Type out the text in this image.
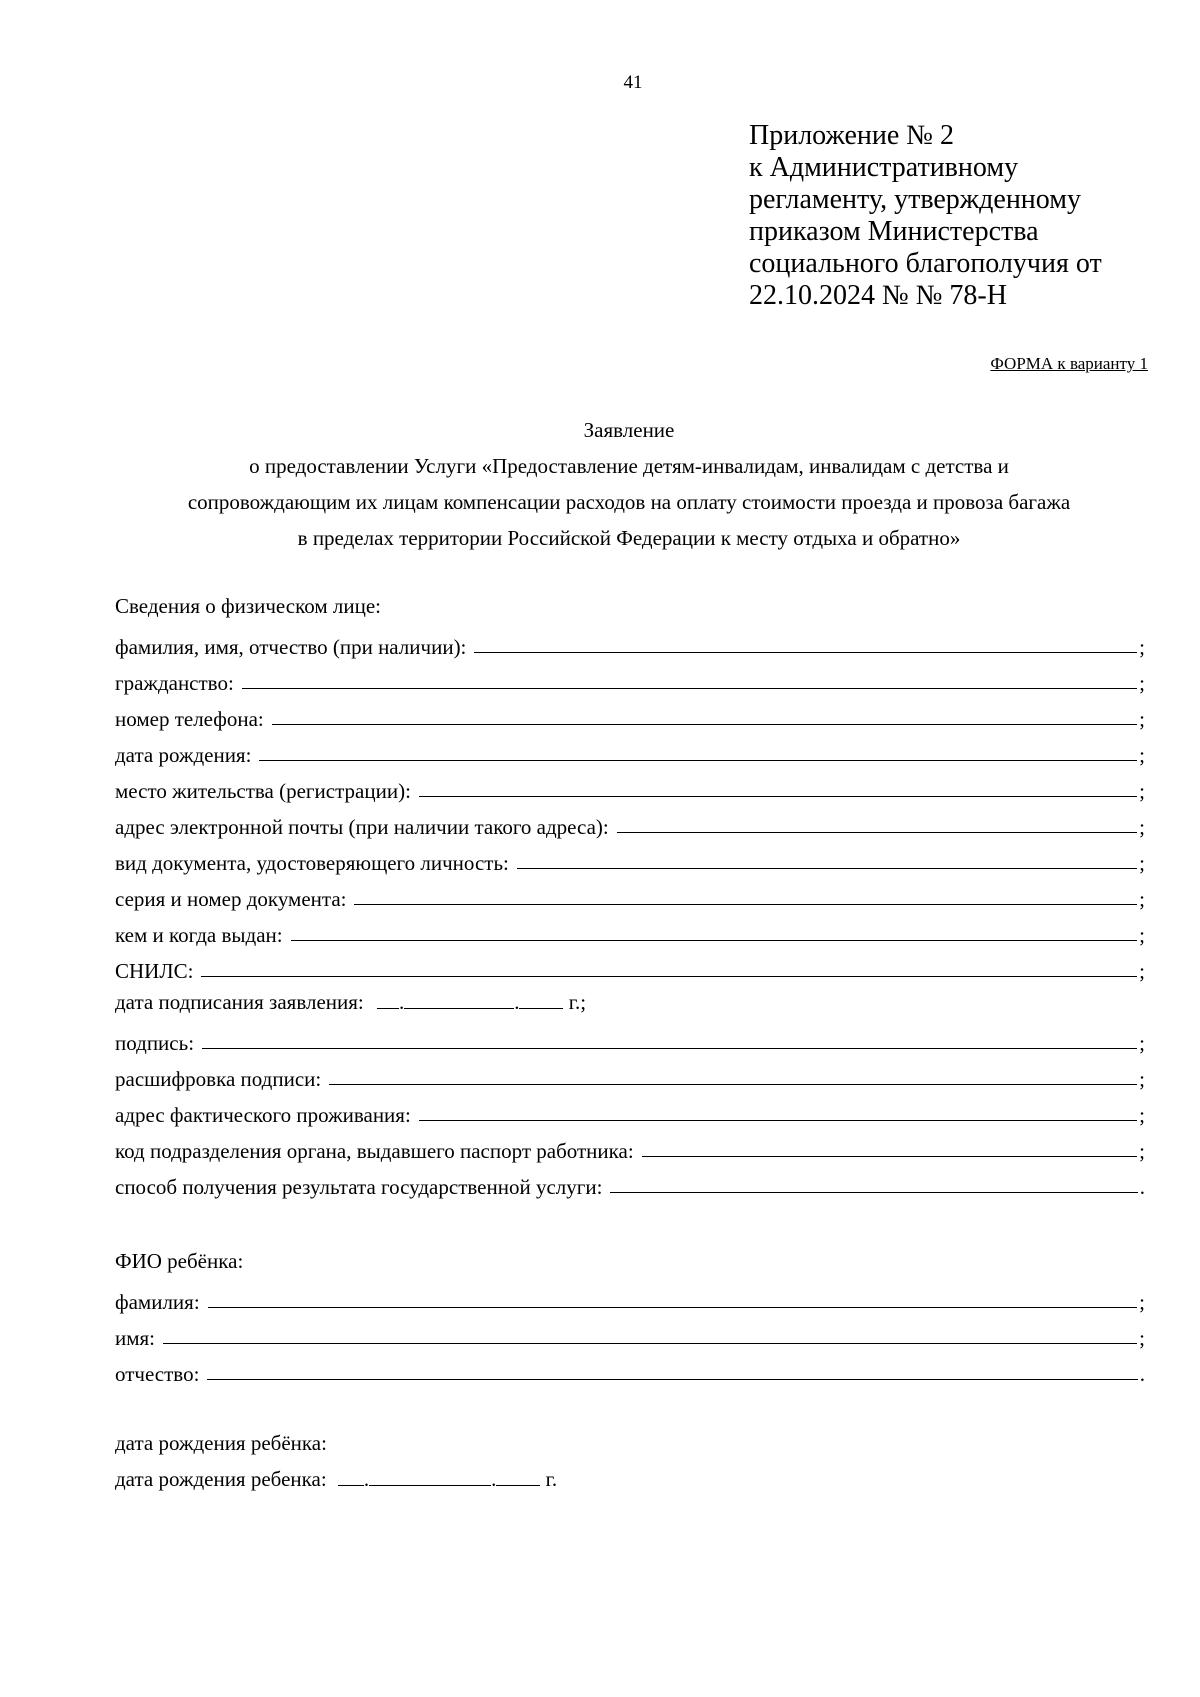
41
Приложение № 2
к Административному
регламенту, утвержденному
приказом Министерства
социального благополучия от
22.10.2024 № № 78-Н
ФОРМА к варианту 1
Заявление
о предоставлении Услуги «Предоставление детям-инвалидам, инвалидам с детства и
сопровождающим их лицам компенсации расходов на оплату стоимости проезда и провоза багажа
в пределах территории Российской Федерации к месту отдыха и обратно»
Сведения о физическом лице:
фамилия, имя, отчество (при наличии):	;
гражданство:	;
номер телефона:	;
дата рождения:	;
место жительства (регистрации):	;
адрес электронной почты (при наличии такого адреса):	;
вид документа, удостоверяющего личность:	;
серия и номер документа:	;
кем и когда выдан:	;
СНИЛС:	;
дата подписания заявления: .	. г.;
подпись:	;
расшифровка подписи:	;
адрес фактического проживания:	;
код подразделения органа, выдавшего паспорт работника:	;
способ получения результата государственной услуги:	.
ФИО ребёнка:
фамилия:	;
имя:	;
отчество:	.
дата рождения ребёнка:
дата рождения ребенка: .	. г.
